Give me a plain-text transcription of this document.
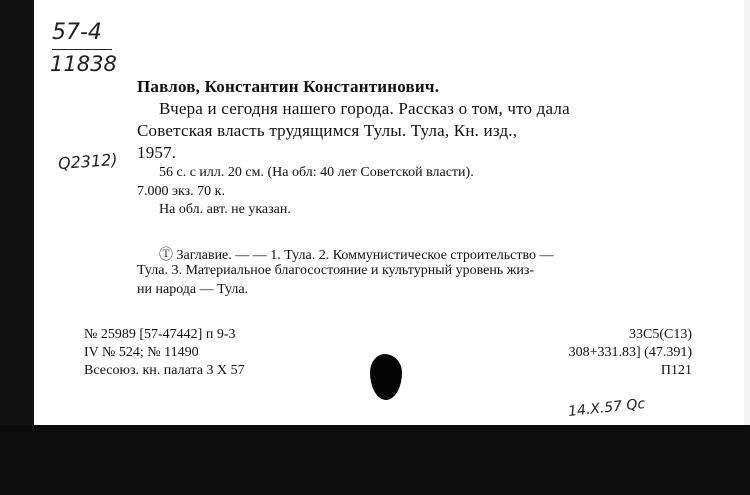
57-4
11838
Q2312)
14.X.57 Qc
Павлов, Константин Константинович.
Вчера и сегодня нашего города. Рассказ о том, что дала
Советская власть трудящимся Тулы. Тула, Кн. изд.,
1957.
56 с. с илл. 20 см. (На обл: 40 лет Советской власти).
7.000 экз. 70 к.
На обл. авт. не указан.
Ⓣ Заглавие. — — 1. Тула. 2. Коммунистическое строительство —
Тула. 3. Материальное благосостояние и культурный уровень жиз-
ни народа — Тула.
№ 25989 [57-47442] п 9-3
IV № 524; № 11490
Всесоюз. кн. палата 3 X 57
33С5(С13)
308+331.83] (47.391)
П121
